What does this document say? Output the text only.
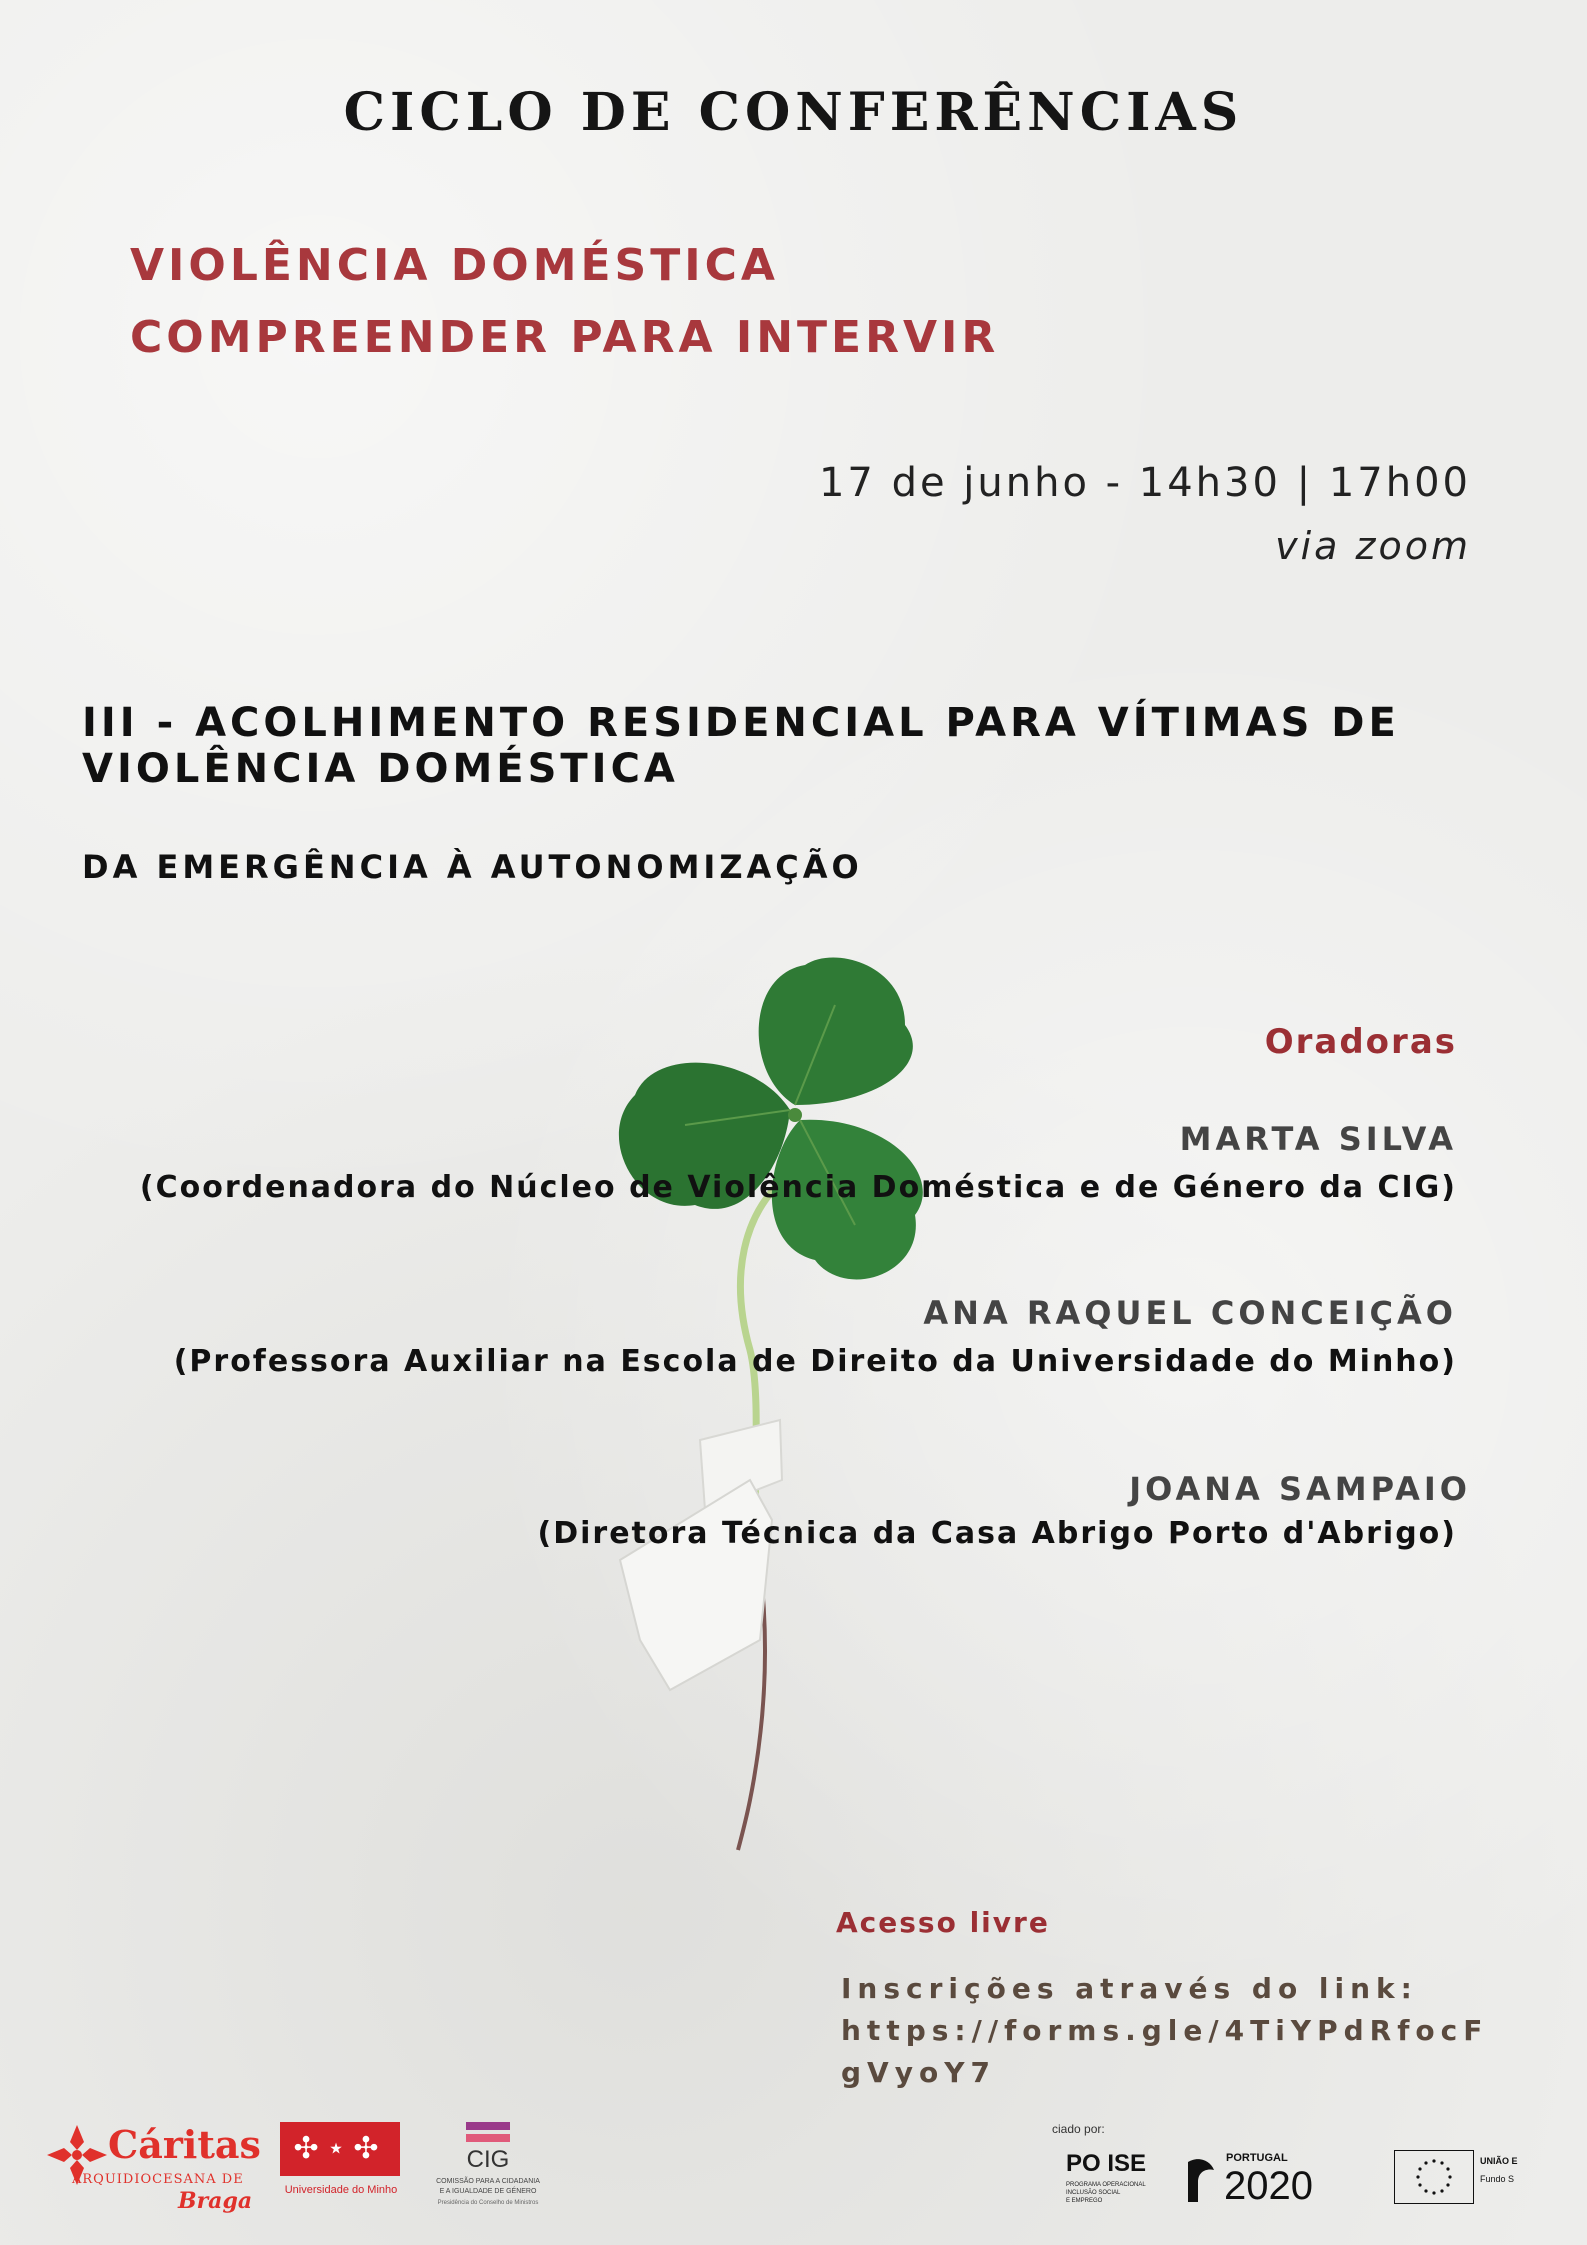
CICLO DE CONFERÊNCIAS
VIOLÊNCIA DOMÉSTICA
COMPREENDER PARA INTERVIR
17 de junho - 14h30 | 17h00
via zoom
III - ACOLHIMENTO RESIDENCIAL PARA VÍTIMAS DE
VIOLÊNCIA DOMÉSTICA
DA EMERGÊNCIA À AUTONOMIZAÇÃO
Oradoras
MARTA SILVA
(Coordenadora do Núcleo de Violência Doméstica e de Género da CIG)
ANA RAQUEL CONCEIÇÃO
(Professora Auxiliar na Escola de Direito da Universidade do Minho)
JOANA SAMPAIO
(Diretora Técnica da Casa Abrigo Porto d'Abrigo)
Acesso livre
Inscrições através do link:
https://forms.gle/4TiYPdRfocF
gVyoY7
Cáritas
ARQUIDIOCESANA DE
Braga
✣⋆✣
Universidade do Minho
CIG
COMISSÃO PARA A CIDADANIA
E A IGUALDADE DE GÉNERO
Presidência do Conselho de Ministros
ciado por:
PO ISE
PROGRAMA OPERACIONAL
INCLUSÃO SOCIAL
E EMPREGO
PORTUGAL
2020
UNIÃO E
Fundo S
